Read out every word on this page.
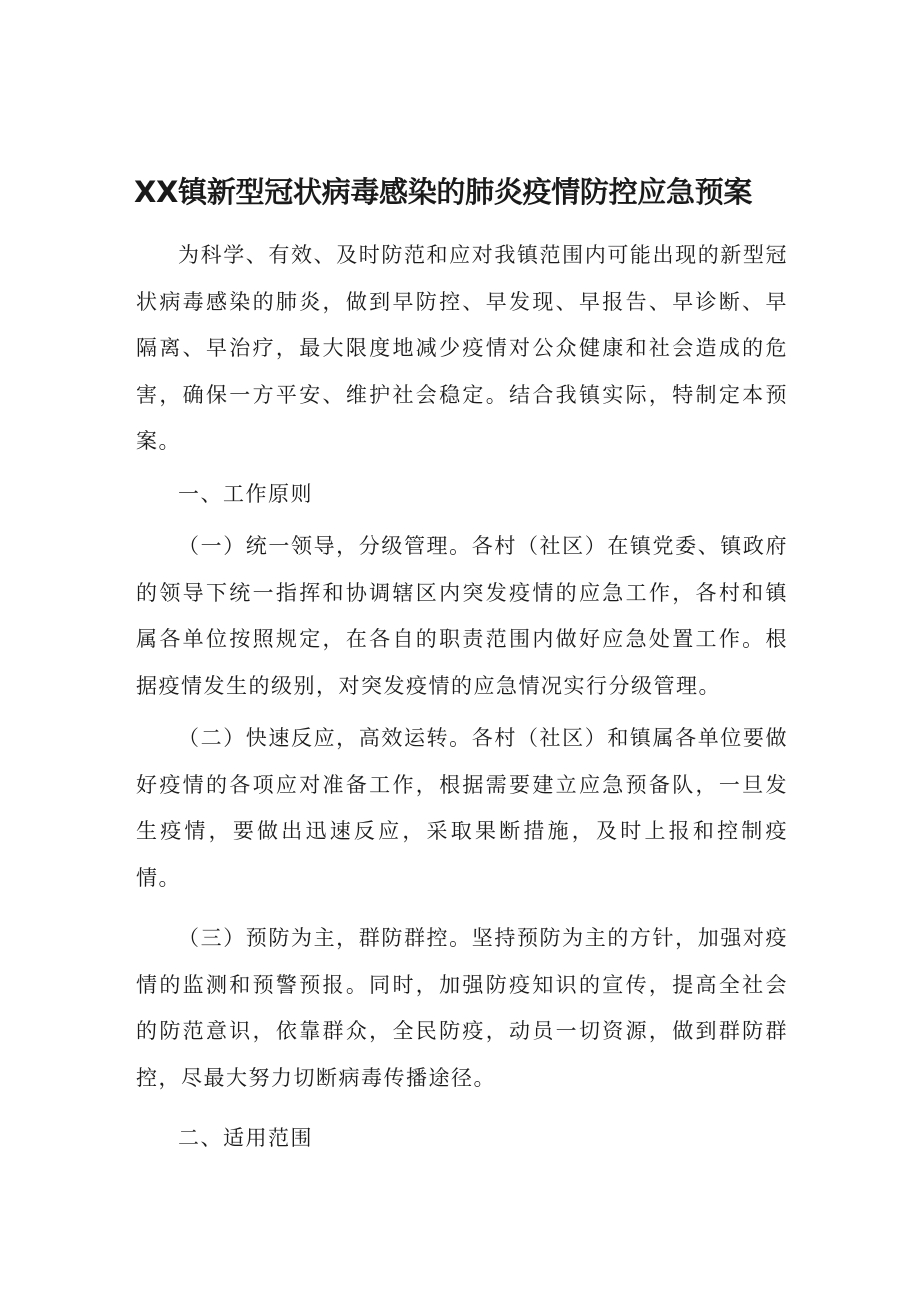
XX镇新型冠状病毒感染的肺炎疫情防控应急预案

为科学、有效、及时防范和应对我镇范围内可能出现的新型冠状病毒感染的肺炎，做到早防控、早发现、早报告、早诊断、早隔离、早治疗，最大限度地减少疫情对公众健康和社会造成的危害，确保一方平安、维护社会稳定。结合我镇实际，特制定本预案。

一、工作原则

（一）统一领导，分级管理。各村（社区）在镇党委、镇政府的领导下统一指挥和协调辖区内突发疫情的应急工作，各村和镇属各单位按照规定，在各自的职责范围内做好应急处置工作。根据疫情发生的级别，对突发疫情的应急情况实行分级管理。

（二）快速反应，高效运转。各村（社区）和镇属各单位要做好疫情的各项应对准备工作，根据需要建立应急预备队，一旦发生疫情，要做出迅速反应，采取果断措施，及时上报和控制疫情。

（三）预防为主，群防群控。坚持预防为主的方针，加强对疫情的监测和预警预报。同时，加强防疫知识的宣传，提高全社会的防范意识，依靠群众，全民防疫，动员一切资源，做到群防群控，尽最大努力切断病毒传播途径。

二、适用范围
